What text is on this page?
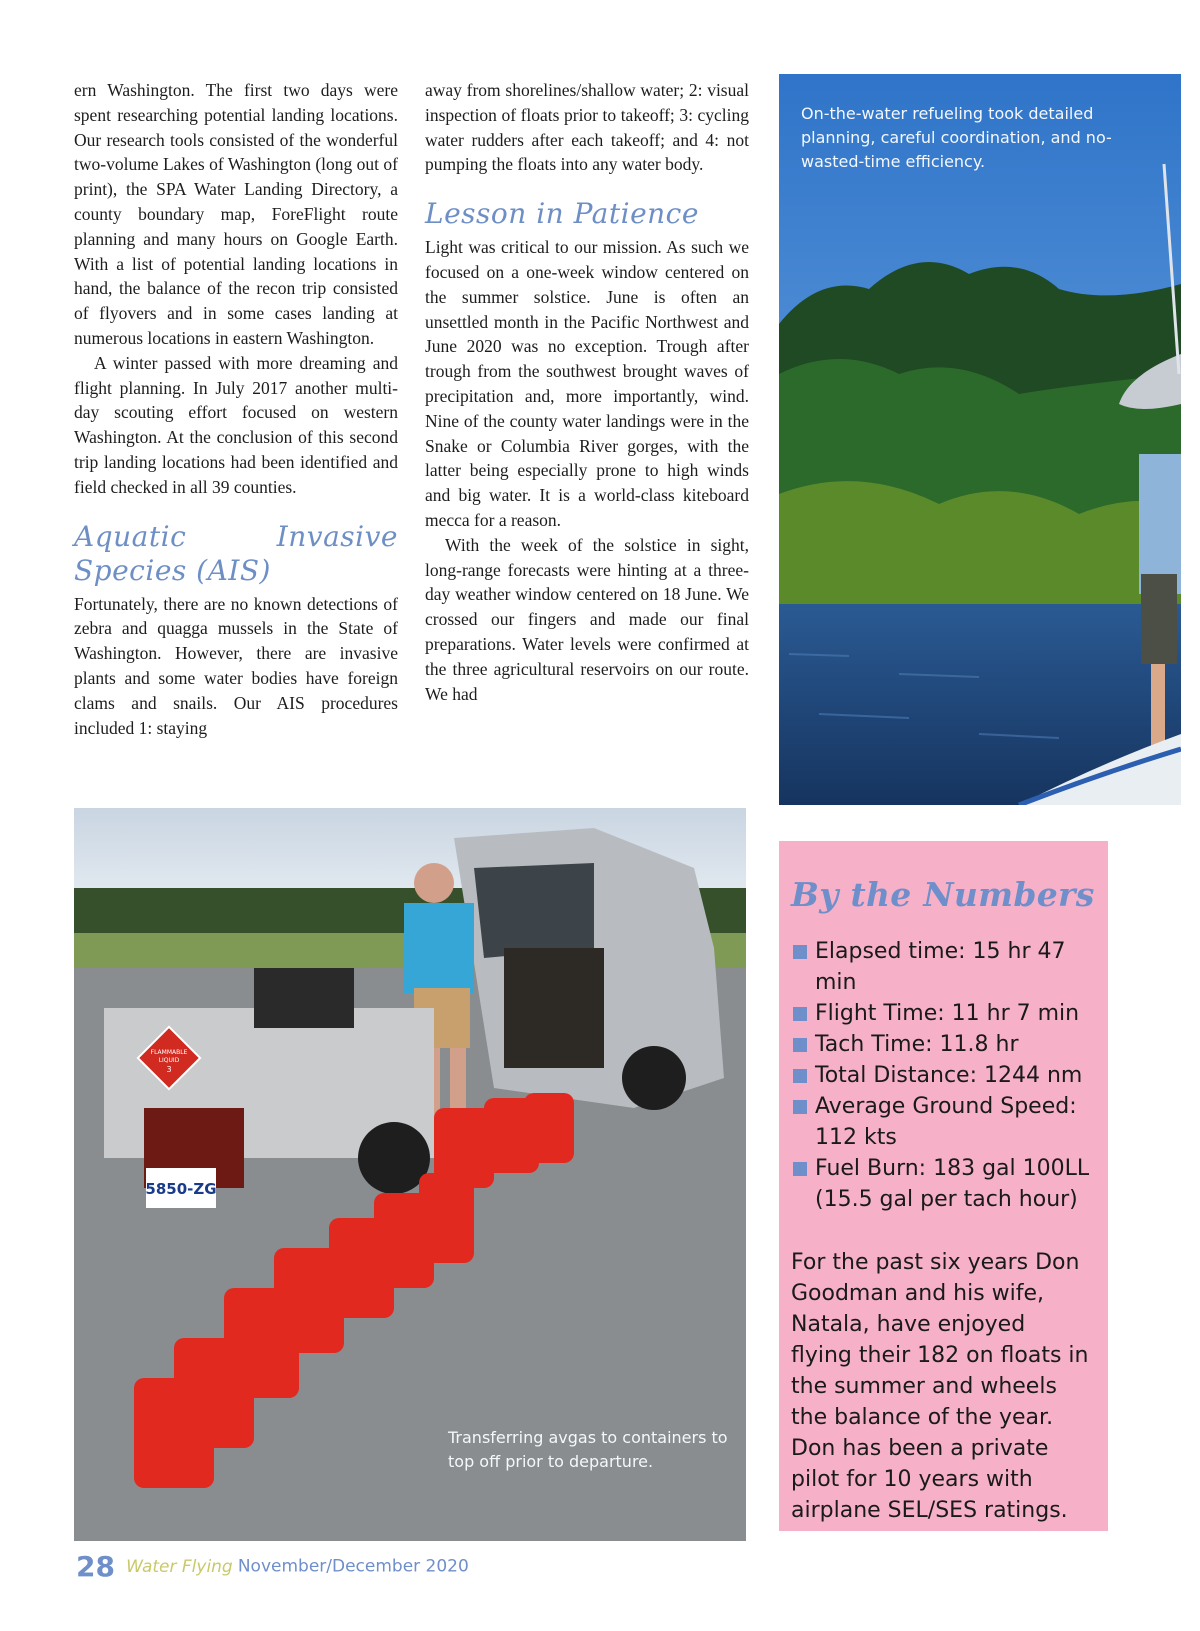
ern Washington. The first two days were spent researching potential landing locations. Our research tools consisted of the wonderful two-volume Lakes of Washington (long out of print), the SPA Water Landing Directory, a county boundary map, ForeFlight route planning and many hours on Google Earth. With a list of potential landing locations in hand, the balance of the recon trip consisted of flyovers and in some cases landing at numerous locations in eastern Washington.

A winter passed with more dreaming and flight planning. In July 2017 another multi-day scouting effort focused on western Washington. At the conclusion of this second trip landing locations had been identified and field checked in all 39 counties.

Aquatic Invasive Species (AIS)

Fortunately, there are no known detections of zebra and quagga mussels in the State of Washington. However, there are invasive plants and some water bodies have foreign clams and snails. Our AIS procedures included 1: staying

away from shorelines/shallow water; 2: visual inspection of floats prior to takeoff; 3: cycling water rudders after each takeoff; and 4: not pumping the floats into any water body.

Lesson in Patience

Light was critical to our mission. As such we focused on a one-week window centered on the summer solstice. June is often an unsettled month in the Pacific Northwest and June 2020 was no exception. Trough after trough from the southwest brought waves of precipitation and, more importantly, wind. Nine of the county water landings were in the Snake or Columbia River gorges, with the latter being especially prone to high winds and big water. It is a world-class kiteboard mecca for a reason.

With the week of the solstice in sight, long-range forecasts were hinting at a three-day weather window centered on 18 June. We crossed our fingers and made our final preparations. Water levels were confirmed at the three agricultural reservoirs on our route. We had

On-the-water refueling took detailed planning, careful coordination, and no-wasted-time efficiency.
5850-ZG
FLAMMABLE
LIQUID
3
Transferring avgas to containers to top off prior to departure.
By the Numbers
Elapsed time: 15 hr 47 min
Flight Time: 11 hr 7 min
Tach Time: 11.8 hr
Total Distance: 1244 nm
Average Ground Speed: 112 kts
Fuel Burn: 183 gal 100LL (15.5 gal per tach hour)

For the past six years Don Goodman and his wife, Natala, have enjoyed flying their 182 on floats in the summer and wheels the balance of the year. Don has been a private pilot for 10 years with airplane SEL/SES ratings.

28 Water Flying November/December 2020
